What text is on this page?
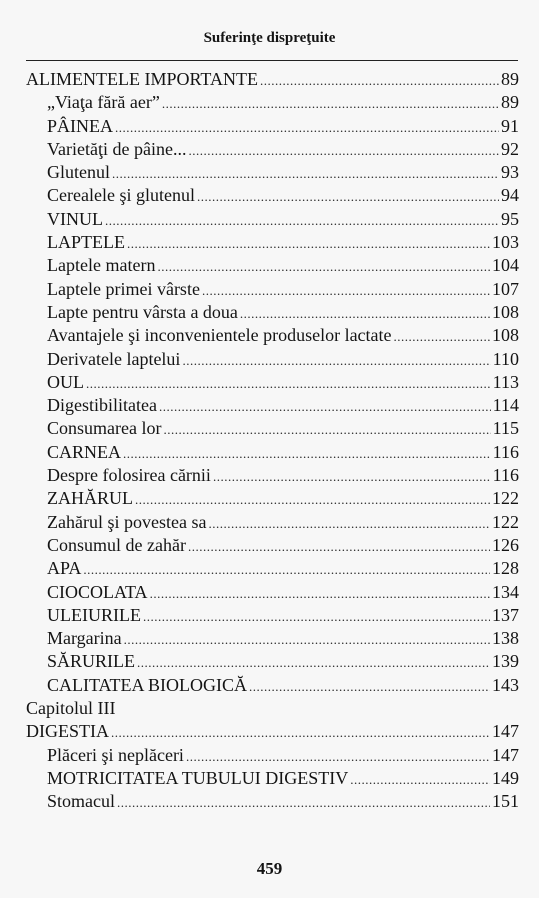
Suferinţe dispreţuite
ALIMENTELE IMPORTANTE .....	89
„Viaţa fără aer” .....	89
PÂINEA .....	91
Varietăţi de pâine... .....	92
Glutenul .....	93
Cerealele şi glutenul .....	94
VINUL .....	95
LAPTELE .....	103
Laptele matern .....	104
Laptele primei vârste .....	107
Lapte pentru vârsta a doua .....	108
Avantajele şi inconvenientele produselor lactate .....	108
Derivatele laptelui .....	110
OUL .....	113
Digestibilitatea .....	114
Consumarea lor .....	115
CARNEA .....	116
Despre folosirea cărnii .....	116
ZAHĂRUL .....	122
Zahărul şi povestea sa .....	122
Consumul de zahăr .....	126
APA .....	128
CIOCOLATA .....	134
ULEIURILE .....	137
Margarina .....	138
SĂRURILE .....	139
CALITATEA BIOLOGICĂ .....	143
Capitolul III
DIGESTIA .....	147
Plăceri şi neplăceri .....	147
MOTRICITATEA TUBULUI DIGESTIV .....	149
Stomacul .....	151
459
